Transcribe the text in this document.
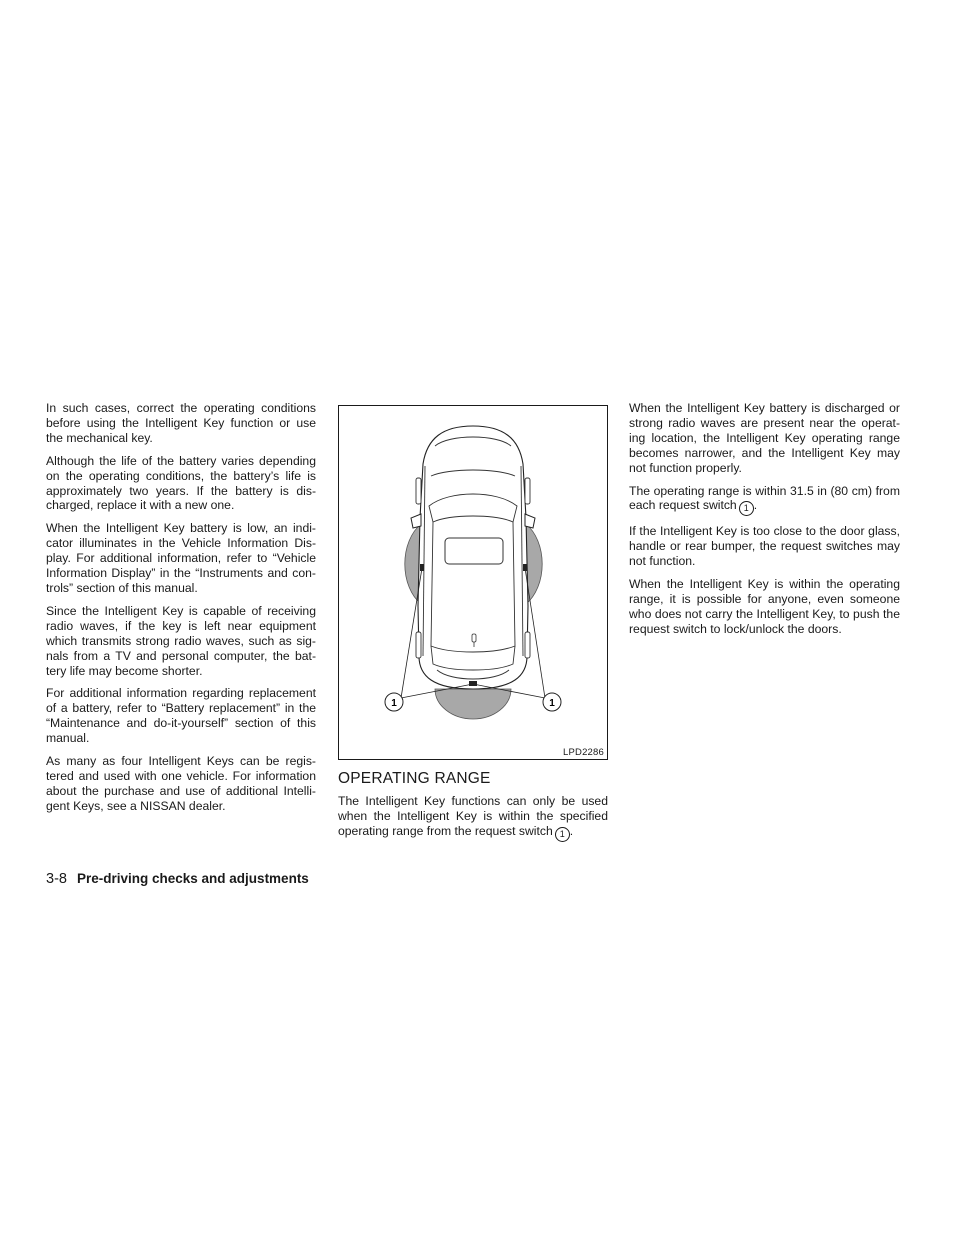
In such cases, correct the operating conditions before using the Intelligent Key function or use the mechanical key.

Although the life of the battery varies depending on the operating conditions, the battery’s life is approximately two years. If the battery is dis- charged, replace it with a new one.

When the Intelligent Key battery is low, an indi- cator illuminates in the Vehicle Information Dis- play. For additional information, refer to “Vehicle Information Display” in the “Instruments and con- trols” section of this manual.

Since the Intelligent Key is capable of receiving radio waves, if the key is left near equipment which transmits strong radio waves, such as sig- nals from a TV and personal computer, the bat- tery life may become shorter.

For additional information regarding replacement of a battery, refer to “Battery replacement” in the “Maintenance and do-it-yourself” section of this manual.

As many as four Intelligent Keys can be regis- tered and used with one vehicle. For information about the purchase and use of additional Intelli- gent Keys, see a NISSAN dealer.

1	1
LPD2286
OPERATING RANGE

The Intelligent Key functions can only be used when the Intelligent Key is within the specified operating range from the request switch 1 .

When the Intelligent Key battery is discharged or strong radio waves are present near the operat- ing location, the Intelligent Key operating range becomes narrower, and the Intelligent Key may not function properly.

The operating range is within 31.5 in (80 cm) from each request switch 1 .

If the Intelligent Key is too close to the door glass, handle or rear bumper, the request switches may not function.

When the Intelligent Key is within the operating range, it is possible for anyone, even someone who does not carry the Intelligent Key, to push the request switch to lock/unlock the doors.

3-8 Pre-driving checks and adjustments
